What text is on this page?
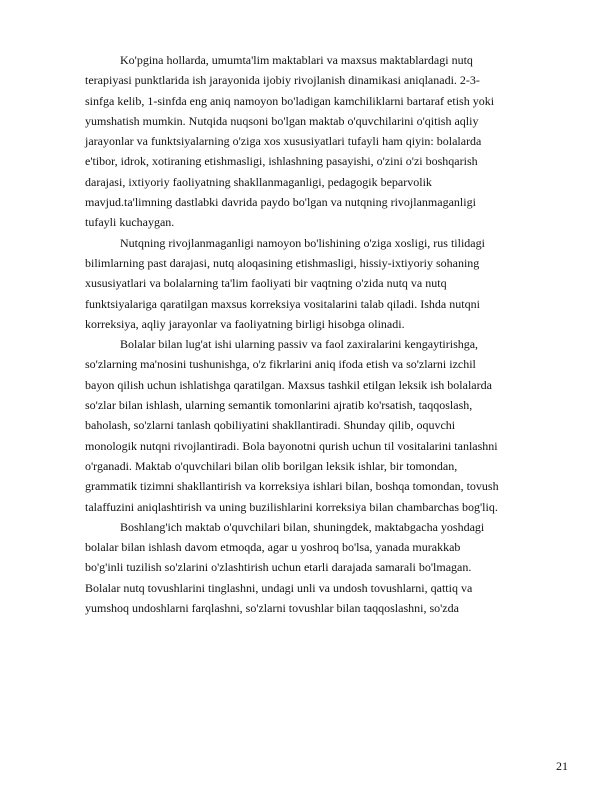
Ko'pgina hollarda, umumta'lim maktablari va maxsus maktablardagi nutq
terapiyasi punktlarida ish jarayonida ijobiy rivojlanish dinamikasi aniqlanadi. 2-3-
sinfga kelib, 1-sinfda eng aniq namoyon bo'ladigan kamchiliklarni bartaraf etish yoki
yumshatish mumkin. Nutqida nuqsoni bo'lgan maktab o'quvchilarini o'qitish aqliy
jarayonlar va funktsiyalarning o'ziga xos xususiyatlari tufayli ham qiyin: bolalarda
e'tibor, idrok, xotiraning etishmasligi, ishlashning pasayishi, o'zini o'zi boshqarish
darajasi, ixtiyoriy faoliyatning shakllanmaganligi, pedagogik beparvolik
mavjud.ta'limning dastlabki davrida paydo bo'lgan va nutqning rivojlanmaganligi
tufayli kuchaygan.
Nutqning rivojlanmaganligi namoyon bo'lishining o'ziga xosligi, rus tilidagi
bilimlarning past darajasi, nutq aloqasining etishmasligi, hissiy-ixtiyoriy sohaning
xususiyatlari va bolalarning ta'lim faoliyati bir vaqtning o'zida nutq va nutq
funktsiyalariga qaratilgan maxsus korreksiya vositalarini talab qiladi. Ishda nutqni
korreksiya, aqliy jarayonlar va faoliyatning birligi hisobga olinadi.
Bolalar bilan lug'at ishi ularning passiv va faol zaxiralarini kengaytirishga,
so'zlarning ma'nosini tushunishga, o'z fikrlarini aniq ifoda etish va so'zlarni izchil
bayon qilish uchun ishlatishga qaratilgan. Maxsus tashkil etilgan leksik ish bolalarda
so'zlar bilan ishlash, ularning semantik tomonlarini ajratib ko'rsatish, taqqoslash,
baholash, so'zlarni tanlash qobiliyatini shakllantiradi. Shunday qilib, oquvchi
monologik nutqni rivojlantiradi. Bola bayonotni qurish uchun til vositalarini tanlashni
o'rganadi. Maktab o'quvchilari bilan olib borilgan leksik ishlar, bir tomondan,
grammatik tizimni shakllantirish va korreksiya ishlari bilan, boshqa tomondan, tovush
talaffuzini aniqlashtirish va uning buzilishlarini korreksiya bilan chambarchas bog'liq.
Boshlang'ich maktab o'quvchilari bilan, shuningdek, maktabgacha yoshdagi
bolalar bilan ishlash davom etmoqda, agar u yoshroq bo'lsa, yanada murakkab
bo'g'inli tuzilish so'zlarini o'zlashtirish uchun etarli darajada samarali bo'lmagan.
Bolalar nutq tovushlarini tinglashni, undagi unli va undosh tovushlarni, qattiq va
yumshoq undoshlarni farqlashni, so'zlarni tovushlar bilan taqqoslashni, so'zda
21
